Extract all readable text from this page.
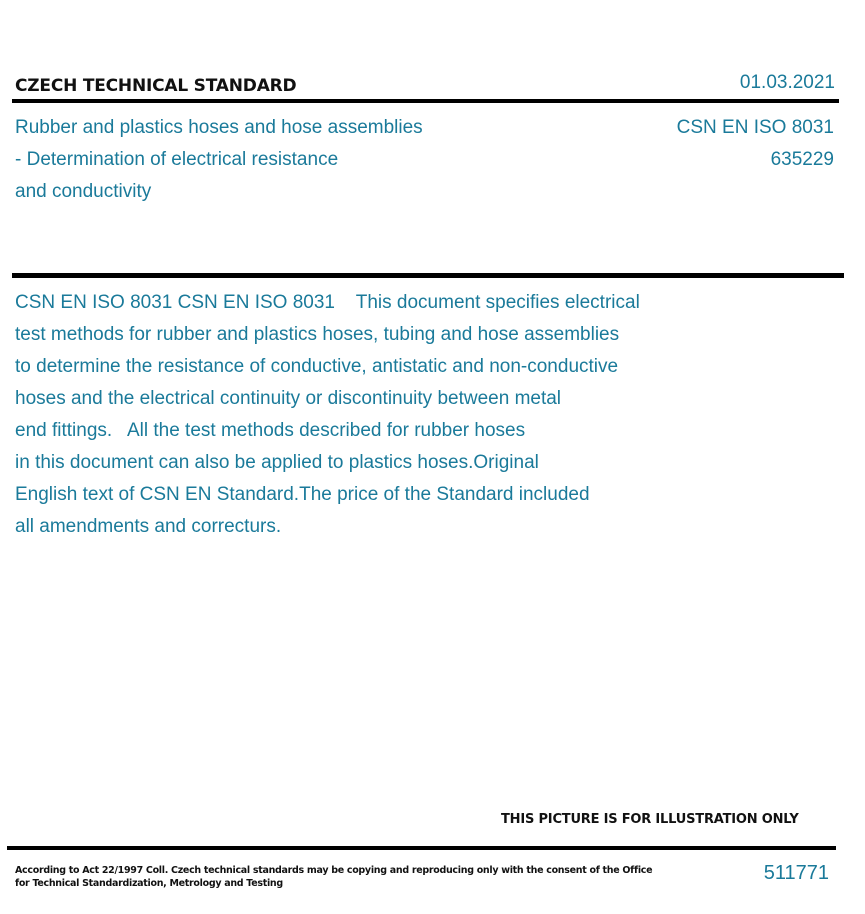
CZECH TECHNICAL STANDARD	01.03.2021
Rubber and plastics hoses and hose assemblies
- Determination of electrical resistance
and conductivity
CSN EN ISO 8031
635229
CSN EN ISO 8031 CSN EN ISO 8031    This document specifies electrical
test methods for rubber and plastics hoses, tubing and hose assemblies
to determine the resistance of conductive, antistatic and non-conductive
hoses and the electrical continuity or discontinuity between metal
end fittings.   All the test methods described for rubber hoses
in this document can also be applied to plastics hoses.Original
English text of CSN EN Standard.The price of the Standard included
all amendments and correcturs.
THIS PICTURE IS FOR ILLUSTRATION ONLY
According to Act 22/1997 Coll. Czech technical standards may be copying and reproducing only with the consent of the Office
for Technical Standardization, Metrology and Testing	511771
